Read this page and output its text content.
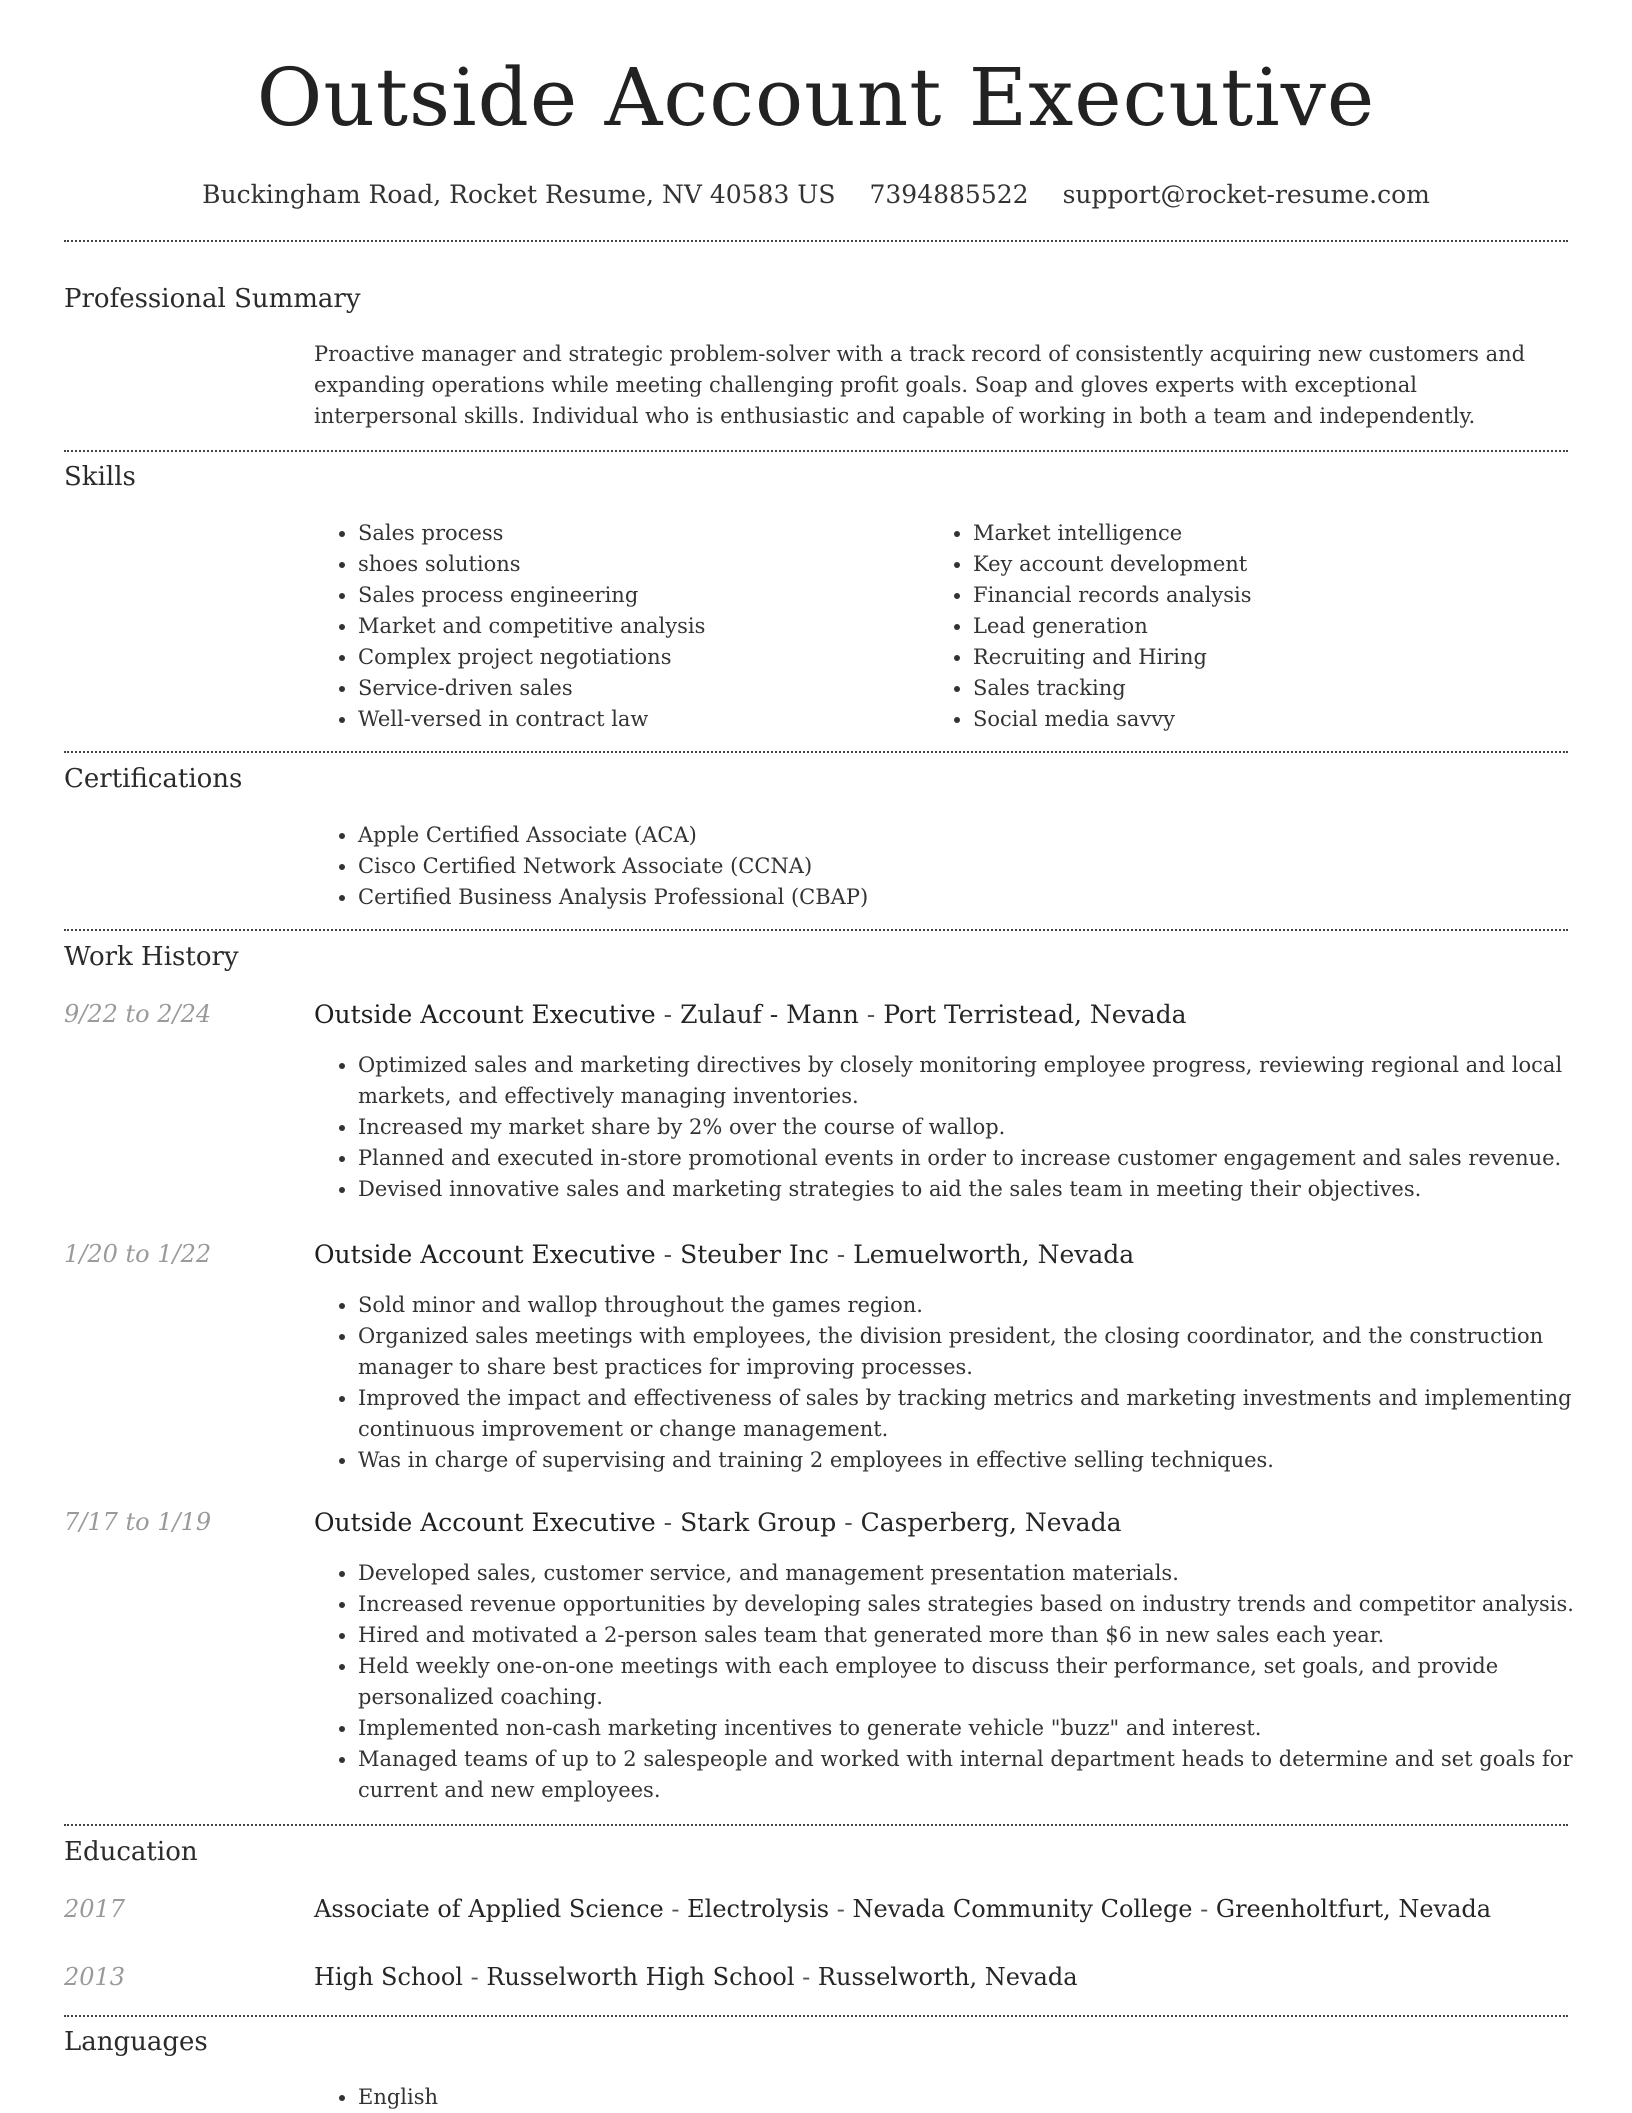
Outside Account Executive
Buckingham Road, Rocket Resume, NV 40583 US 7394885522 support@rocket-resume.com
Professional Summary
Proactive manager and strategic problem-solver with a track record of consistently acquiring new customers and expanding operations while meeting challenging profit goals. Soap and gloves experts with exceptional interpersonal skills. Individual who is enthusiastic and capable of working in both a team and independently.
Skills
• Sales process
• shoes solutions
• Sales process engineering
• Market and competitive analysis
• Complex project negotiations
• Service-driven sales
• Well-versed in contract law
• Market intelligence
• Key account development
• Financial records analysis
• Lead generation
• Recruiting and Hiring
• Sales tracking
• Social media savvy
Certifications
• Apple Certified Associate (ACA)
• Cisco Certified Network Associate (CCNA)
• Certified Business Analysis Professional (CBAP)
Work History
9/22 to 2/24	Outside Account Executive - Zulauf - Mann - Port Terristead, Nevada
• Optimized sales and marketing directives by closely monitoring employee progress, reviewing regional and local markets, and effectively managing inventories.
• Increased my market share by 2% over the course of wallop.
• Planned and executed in-store promotional events in order to increase customer engagement and sales revenue.
• Devised innovative sales and marketing strategies to aid the sales team in meeting their objectives.
1/20 to 1/22	Outside Account Executive - Steuber Inc - Lemuelworth, Nevada
• Sold minor and wallop throughout the games region.
• Organized sales meetings with employees, the division president, the closing coordinator, and the construction manager to share best practices for improving processes.
• Improved the impact and effectiveness of sales by tracking metrics and marketing investments and implementing continuous improvement or change management.
• Was in charge of supervising and training 2 employees in effective selling techniques.
7/17 to 1/19	Outside Account Executive - Stark Group - Casperberg, Nevada
• Developed sales, customer service, and management presentation materials.
• Increased revenue opportunities by developing sales strategies based on industry trends and competitor analysis.
• Hired and motivated a 2-person sales team that generated more than $6 in new sales each year.
• Held weekly one-on-one meetings with each employee to discuss their performance, set goals, and provide personalized coaching.
• Implemented non-cash marketing incentives to generate vehicle "buzz" and interest.
• Managed teams of up to 2 salespeople and worked with internal department heads to determine and set goals for current and new employees.
Education
2017	Associate of Applied Science - Electrolysis - Nevada Community College - Greenholtfurt, Nevada
2013	High School - Russelworth High School - Russelworth, Nevada
Languages
• English
